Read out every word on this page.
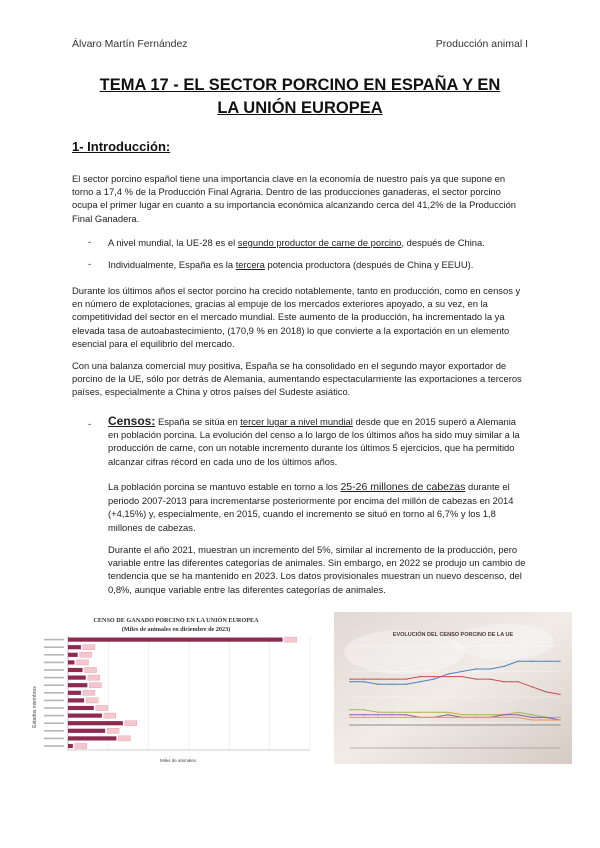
Álvaro Martín Fernández	Producción animal I
TEMA 17 - EL SECTOR PORCINO EN ESPAÑA Y EN
LA UNIÓN EUROPEA
1- Introducción:
El sector porcino español tiene una importancia clave en la economía de nuestro país ya que supone en torno a 17,4 % de la Producción Final Agraria. Dentro de las producciones ganaderas, el sector porcino ocupa el primer lugar en cuanto a su importancia económica alcanzando cerca del 41,2% de la Producción Final Ganadera.
- A nivel mundial, la UE-28 es el segundo productor de carne de porcino, después de China.
- Individualmente, España es la tercera potencia productora (después de China y EEUU).
Durante los últimos años el sector porcino ha crecido notablemente, tanto en producción, como en censos y en número de explotaciones, gracias al empuje de los mercados exteriores apoyado, a su vez, en la competitividad del sector en el mercado mundial. Este aumento de la producción, ha incrementado la ya elevada tasa de autoabastecimiento, (170,9 % en 2018) lo que convierte a la exportación en un elemento esencial para el equilibrio del mercado.
Con una balanza comercial muy positiva, España se ha consolidado en el segundo mayor exportador de porcino de la UE, sólo por detrás de Alemania, aumentando espectacularmente las exportaciones a terceros países, especialmente a China y otros países del Sudeste asiático.
- Censos: España se sitúa en tercer lugar a nivel mundial desde que en 2015 superó a Alemania en población porcina. La evolución del censo a lo largo de los últimos años ha sido muy similar a la producción de carne, con un notable incremento durante los últimos 5 ejercicios, que ha permitido alcanzar cifras récord en cada uno de los últimos años.
La población porcina se mantuvo estable en torno a los 25-26 millones de cabezas durante el periodo 2007-2013 para incrementarse posteriormente por encima del millón de cabezas en 2014 (+4,15%) y, especialmente, en 2015, cuando el incremento se situó en torno al 6,7% y los 1,8 millones de cabezas.
Durante el año 2021, muestran un incremento del 5%, similar al incremento de la producción, pero variable entre las diferentes categorías de animales. Sin embargo, en 2022 se produjo un cambio de tendencia que se ha mantenido en 2023. Los datos provisionales muestran un nuevo descenso, del 0,8%, aunque variable entre las diferentes categorías de animales.
CENSO DE GANADO PORCINO EN LA UNIÓN EUROPEA
(Miles de animales en diciembre de 2023)
Estados miembros
Miles de animales
EVOLUCIÓN DEL CENSO PORCINO DE LA UE
